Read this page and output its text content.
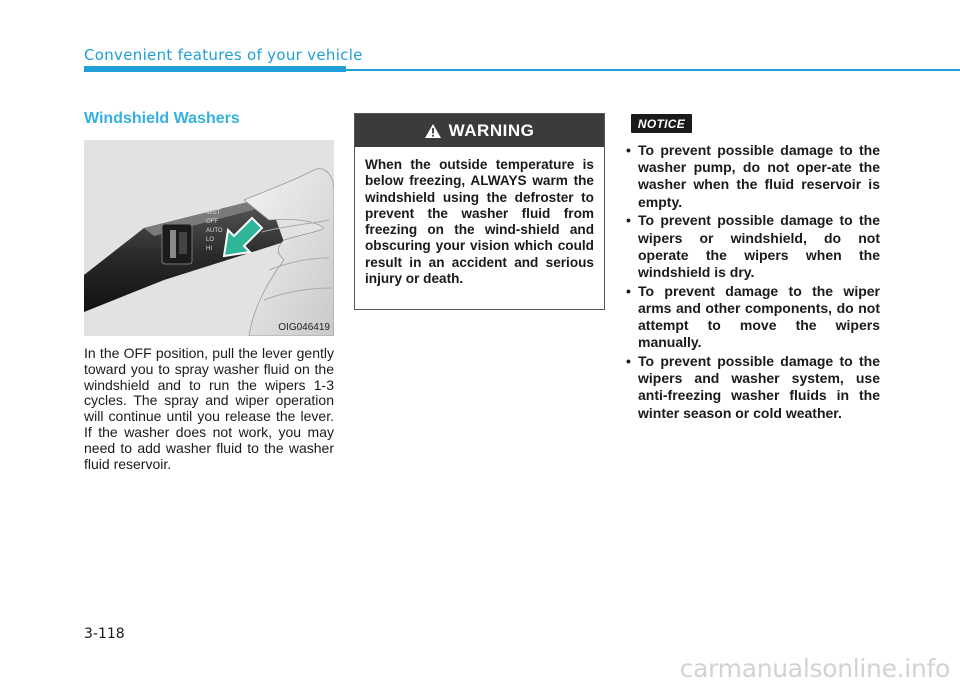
Convenient features of your vehicle
Windshield Washers
MIST
OFF
AUTO
LO
HI
AUTO
OIG046419
In the OFF position, pull the lever gently toward you to spray washer fluid on the windshield and to run the wipers 1-3 cycles. The spray and wiper operation will continue until you release the lever. If the washer does not work, you may need to add washer fluid to the washer fluid reservoir.
WARNING
When the outside temperature is below freezing, ALWAYS warm the windshield using the defroster to prevent the washer fluid from freezing on the wind-shield and obscuring your vision which could result in an accident and serious injury or death.
NOTICE
• To prevent possible damage to the washer pump, do not oper-ate the washer when the fluid reservoir is empty.
• To prevent possible damage to the wipers or windshield, do not operate the wipers when the windshield is dry.
• To prevent damage to the wiper arms and other components, do not attempt to move the wipers manually.
• To prevent possible damage to the wipers and washer system, use anti-freezing washer fluids in the winter season or cold weather.
3-118
carmanualsonline.info
